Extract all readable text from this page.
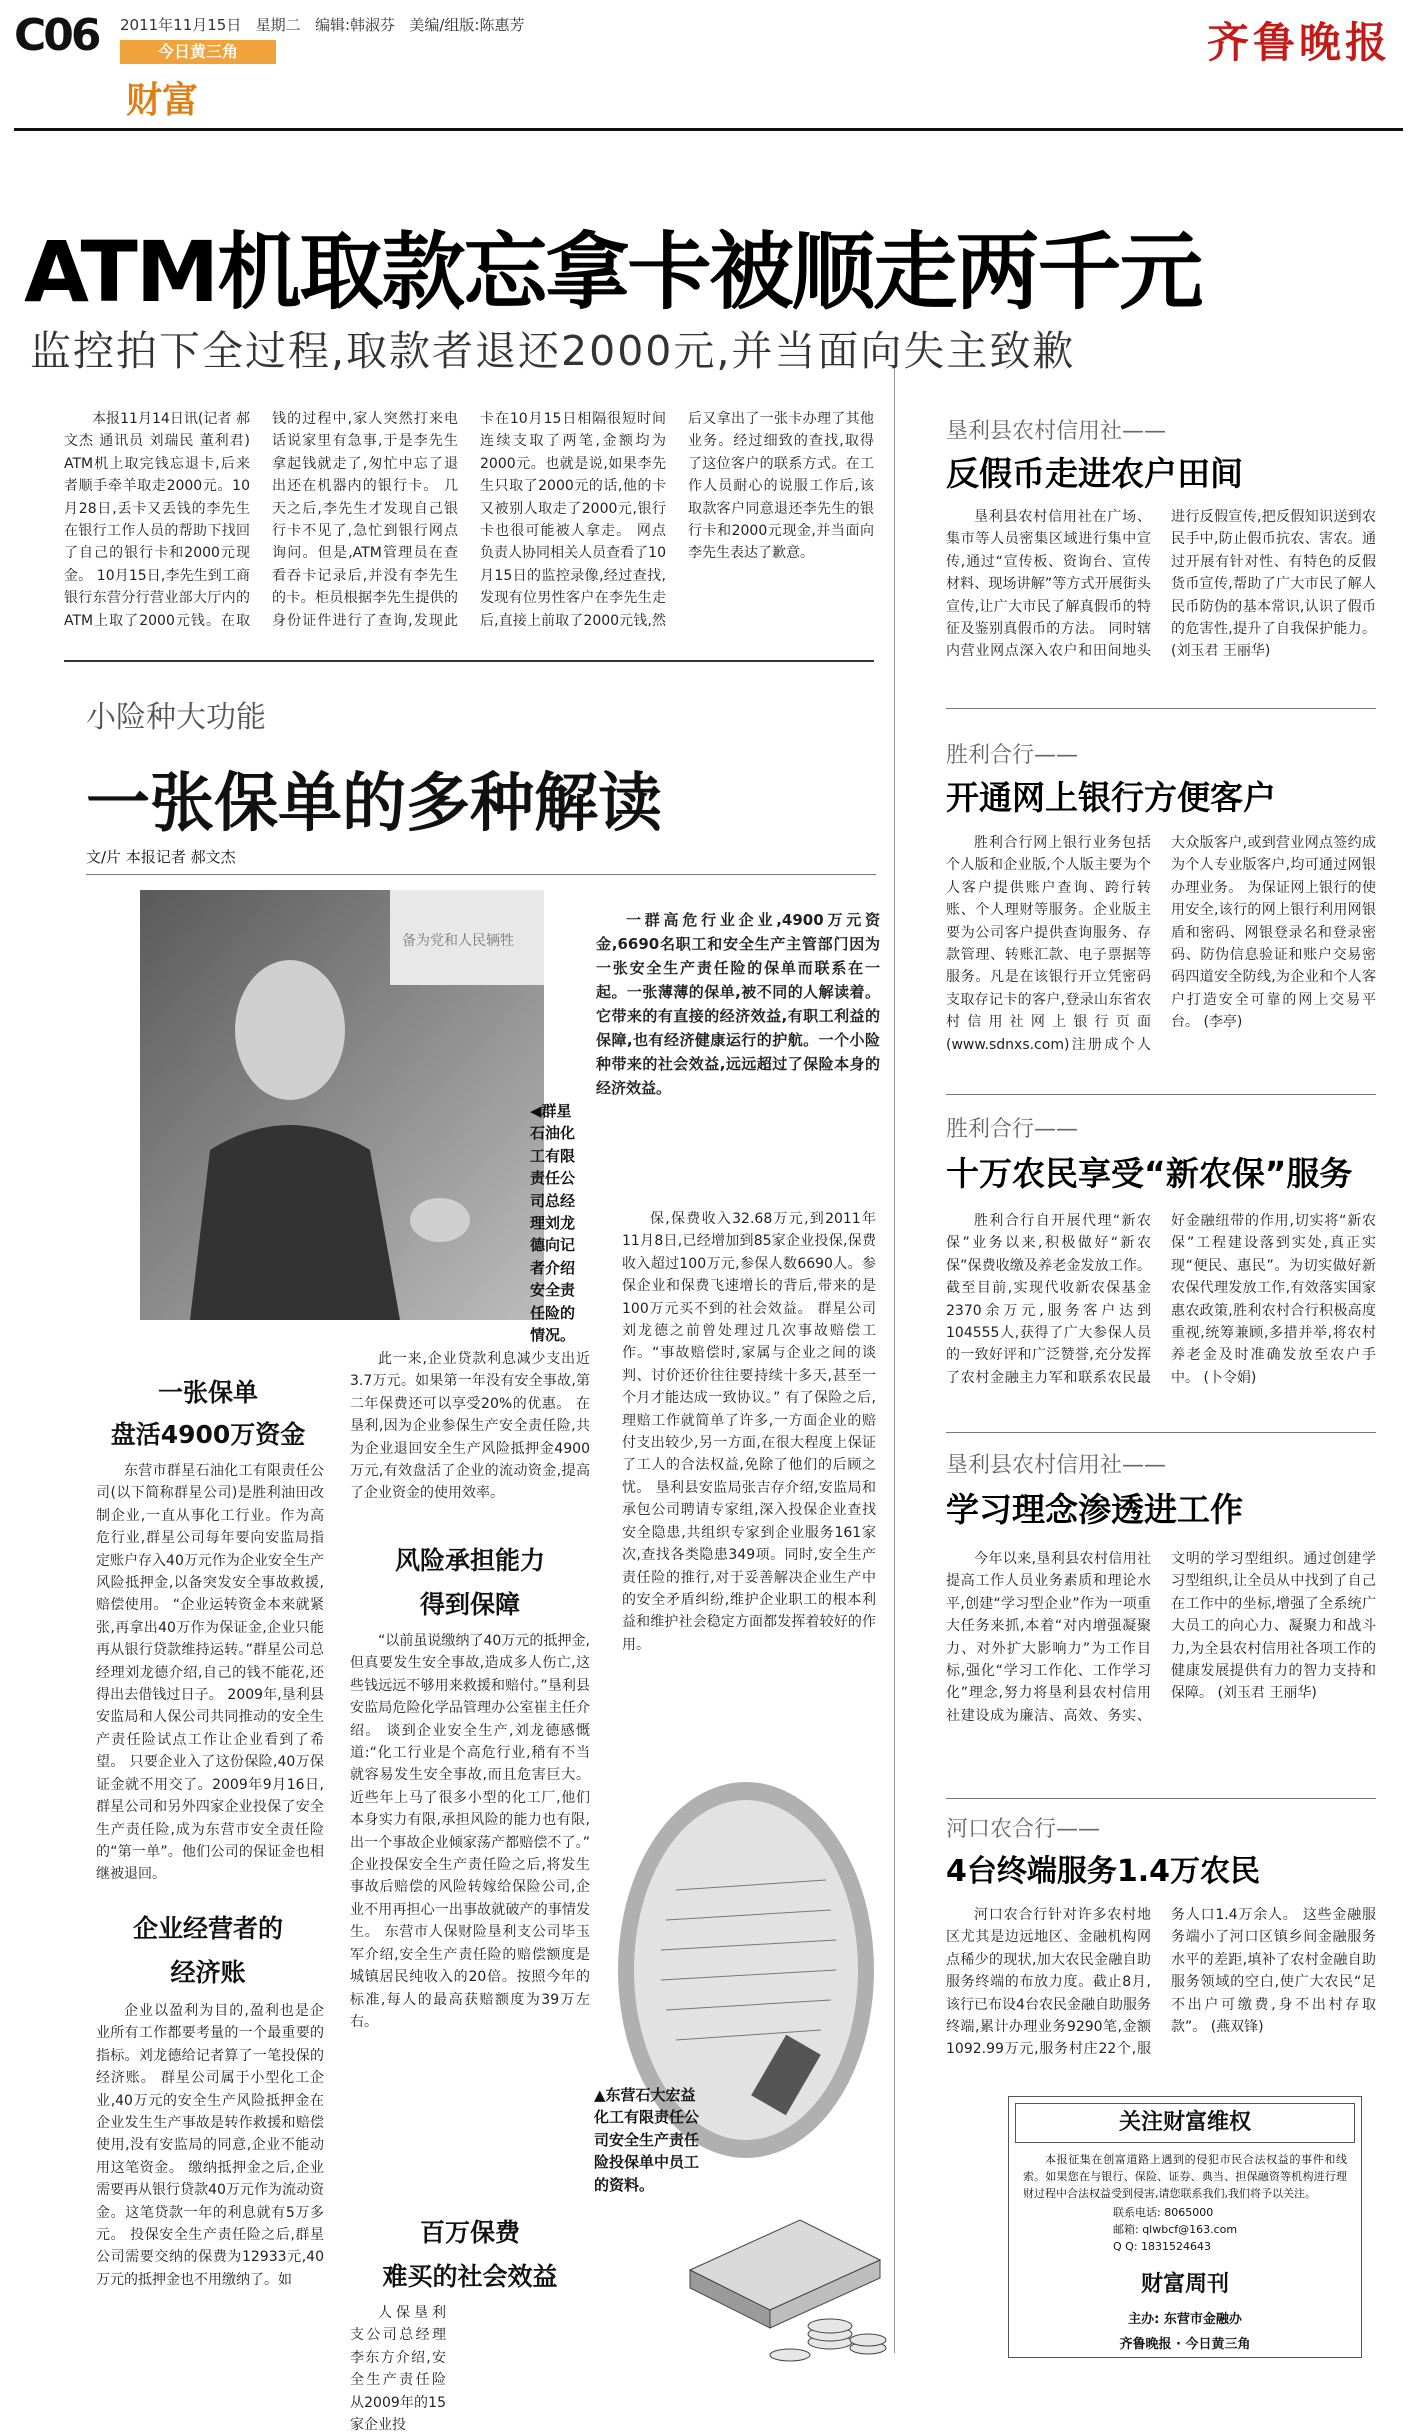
C06 2011年11月15日 星期二 编辑:韩淑芬 美编/组版:陈惠芳
今日黄三角
财富
齐鲁晚报
ATM机取款忘拿卡被顺走两千元
监控拍下全过程,取款者退还2000元,并当面向失主致歉

本报11月14日讯(记者 郝文杰 通讯员 刘瑞民 董利君) ATM机上取完钱忘退卡,后来者顺手牵羊取走2000元。10月28日,丢卡又丢钱的李先生在银行工作人员的帮助下找回了自己的银行卡和2000元现金。 10月15日,李先生到工商银行东营分行营业部大厅内的ATM上取了2000元钱。在取钱的过程中,家人突然打来电话说家里有急事,于是李先生拿起钱就走了,匆忙中忘了退出还在机器内的银行卡。 几天之后,李先生才发现自己银行卡不见了,急忙到银行网点询问。但是,ATM管理员在查看吞卡记录后,并没有李先生的卡。柜员根据李先生提供的身份证件进行了查询,发现此卡在10月15日相隔很短时间连续支取了两笔,金额均为2000元。也就是说,如果李先生只取了2000元的话,他的卡又被别人取走了2000元,银行卡也很可能被人拿走。 网点负责人协同相关人员查看了10月15日的监控录像,经过查找,发现有位男性客户在李先生走后,直接上前取了2000元钱,然后又拿出了一张卡办理了其他业务。经过细致的查找,取得了这位客户的联系方式。在工作人员耐心的说服工作后,该取款客户同意退还李先生的银行卡和2000元现金,并当面向李先生表达了歉意。

小险种大功能
一张保单的多种解读
文/片 本报记者 郝文杰
备为党和人民辆牲
◀群星石油化工有限责任公司总经理刘龙德向记者介绍安全责任险的情况。

一群高危行业企业,4900万元资金,6690名职工和安全生产主管部门因为一张安全生产责任险的保单而联系在一起。一张薄薄的保单,被不同的人解读着。它带来的有直接的经济效益,有职工利益的保障,也有经济健康运行的护航。一个小险种带来的社会效益,远远超过了保险本身的经济效益。

一张保单
盘活4900万资金

东营市群星石油化工有限责任公司(以下简称群星公司)是胜利油田改制企业,一直从事化工行业。作为高危行业,群星公司每年要向安监局指定账户存入40万元作为企业安全生产风险抵押金,以备突发安全事故救援,赔偿使用。 “企业运转资金本来就紧张,再拿出40万作为保证金,企业只能再从银行贷款维持运转。”群星公司总经理刘龙德介绍,自己的钱不能花,还得出去借钱过日子。 2009年,垦利县安监局和人保公司共同推动的安全生产责任险试点工作让企业看到了希望。 只要企业入了这份保险,40万保证金就不用交了。2009年9月16日,群星公司和另外四家企业投保了安全生产责任险,成为东营市安全责任险的“第一单”。他们公司的保证金也相继被退回。

企业经营者的
经济账

企业以盈利为目的,盈利也是企业所有工作都要考量的一个最重要的指标。刘龙德给记者算了一笔投保的经济账。 群星公司属于小型化工企业,40万元的安全生产风险抵押金在企业发生生产事故是转作救援和赔偿使用,没有安监局的同意,企业不能动用这笔资金。 缴纳抵押金之后,企业需要再从银行贷款40万元作为流动资金。这笔贷款一年的利息就有5万多元。 投保安全生产责任险之后,群星公司需要交纳的保费为12933元,40万元的抵押金也不用缴纳了。如

此一来,企业贷款利息减少支出近3.7万元。如果第一年没有安全事故,第二年保费还可以享受20%的优惠。 在垦利,因为企业参保生产安全责任险,共为企业退回安全生产风险抵押金4900万元,有效盘活了企业的流动资金,提高了企业资金的使用效率。

风险承担能力
得到保障

“以前虽说缴纳了40万元的抵押金,但真要发生安全事故,造成多人伤亡,这些钱远远不够用来救援和赔付。”垦利县安监局危险化学品管理办公室崔主任介绍。 谈到企业安全生产,刘龙德感慨道:“化工行业是个高危行业,稍有不当就容易发生安全事故,而且危害巨大。近些年上马了很多小型的化工厂,他们本身实力有限,承担风险的能力也有限,出一个事故企业倾家荡产都赔偿不了。” 企业投保安全生产责任险之后,将发生事故后赔偿的风险转嫁给保险公司,企业不用再担心一出事故就破产的事情发生。 东营市人保财险垦利支公司毕玉军介绍,安全生产责任险的赔偿额度是城镇居民纯收入的20倍。按照今年的标准,每人的最高获赔额度为39万左右。

百万保费
难买的社会效益

人保垦利支公司总经理李东方介绍,安全生产责任险从2009年的15家企业投

保,保费收入32.68万元,到2011年11月8日,已经增加到85家企业投保,保费收入超过100万元,参保人数6690人。参保企业和保费飞速增长的背后,带来的是100万元买不到的社会效益。 群星公司刘龙德之前曾处理过几次事故赔偿工作。“事故赔偿时,家属与企业之间的谈判、讨价还价往往要持续十多天,甚至一个月才能达成一致协议。” 有了保险之后,理赔工作就简单了许多,一方面企业的赔付支出较少,另一方面,在很大程度上保证了工人的合法权益,免除了他们的后顾之忧。 垦利县安监局张吉存介绍,安监局和承包公司聘请专家组,深入投保企业查找安全隐患,共组织专家到企业服务161家次,查找各类隐患349项。同时,安全生产责任险的推行,对于妥善解决企业生产中的安全矛盾纠纷,维护企业职工的根本利益和维护社会稳定方面都发挥着较好的作用。

▲东营石大宏益化工有限责任公司安全生产责任险投保单中员工的资料。
垦利县农村信用社——
反假币走进农户田间

垦利县农村信用社在广场、集市等人员密集区域进行集中宣传,通过“宣传板、资询台、宣传材料、现场讲解”等方式开展街头宣传,让广大市民了解真假币的特征及鉴别真假币的方法。 同时辖内营业网点深入农户和田间地头进行反假宣传,把反假知识送到农民手中,防止假币抗农、害农。通过开展有针对性、有特色的反假货币宣传,帮助了广大市民了解人民币防伪的基本常识,认识了假币的危害性,提升了自我保护能力。 (刘玉君 王丽华)

胜利合行——
开通网上银行方便客户

胜利合行网上银行业务包括个人版和企业版,个人版主要为个人客户提供账户查询、跨行转账、个人理财等服务。企业版主要为公司客户提供查询服务、存款管理、转账汇款、电子票据等服务。凡是在该银行开立凭密码支取存记卡的客户,登录山东省农村信用社网上银行页面(www.sdnxs.com)注册成个人大众版客户,或到营业网点签约成为个人专业版客户,均可通过网银办理业务。 为保证网上银行的使用安全,该行的网上银行利用网银盾和密码、网银登录名和登录密码、防伪信息验证和账户交易密码四道安全防线,为企业和个人客户打造安全可靠的网上交易平台。 (李亭)

胜利合行——
十万农民享受“新农保”服务

胜利合行自开展代理“新农保”业务以来,积极做好“新农保”保费收缴及养老金发放工作。截至目前,实现代收新农保基金2370余万元,服务客户达到104555人,获得了广大参保人员的一致好评和广泛赞誉,充分发挥了农村金融主力军和联系农民最好金融纽带的作用,切实将“新农保”工程建设落到实处,真正实现“便民、惠民”。为切实做好新农保代理发放工作,有效落实国家惠农政策,胜利农村合行积极高度重视,统筹兼顾,多措并举,将农村养老金及时准确发放至农户手中。 (卜令娟)

垦利县农村信用社——
学习理念渗透进工作

今年以来,垦利县农村信用社提高工作人员业务素质和理论水平,创建“学习型企业”作为一项重大任务来抓,本着“对内增强凝聚力、对外扩大影响力”为工作目标,强化“学习工作化、工作学习化”理念,努力将垦利县农村信用社建设成为廉洁、高效、务实、文明的学习型组织。通过创建学习型组织,让全员从中找到了自己在工作中的坐标,增强了全系统广大员工的向心力、凝聚力和战斗力,为全县农村信用社各项工作的健康发展提供有力的智力支持和保障。 (刘玉君 王丽华)

河口农合行——
4台终端服务1.4万农民

河口农合行针对许多农村地区尤其是边远地区、金融机构网点稀少的现状,加大农民金融自助服务终端的布放力度。截止8月,该行已布设4台农民金融自助服务终端,累计办理业务9290笔,金额1092.99万元,服务村庄22个,服务人口1.4万余人。 这些金融服务端小了河口区镇乡间金融服务水平的差距,填补了农村金融自助服务领域的空白,使广大农民“足不出户可缴费,身不出村存取款”。 (燕双锋)

关注财富维权
本报征集在创富道路上遇到的侵犯市民合法权益的事件和线索。如果您在与银行、保险、证券、典当、担保融资等机构进行理财过程中合法权益受到侵害,请您联系我们,我们将予以关注。
联系电话: 8065000
邮箱: qlwbcf@163.com
Q Q: 1831524643
财富周刊
主办: 东营市金融办
齐鲁晚报 · 今日黄三角
